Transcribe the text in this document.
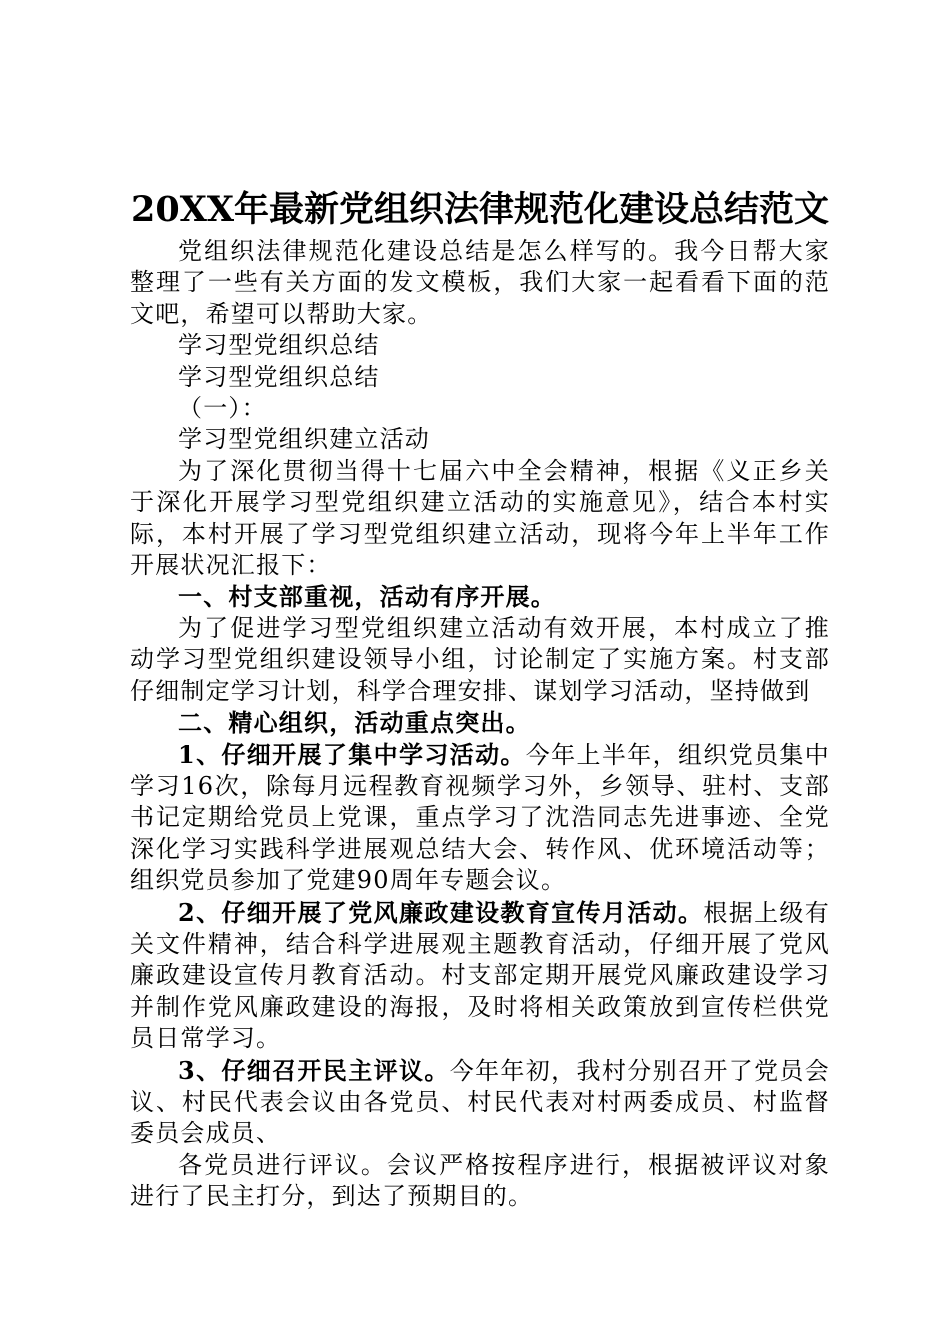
20XX年最新党组织法律规范化建设总结范文

党组织法律规范化建设总结是怎么样写的。我今日帮大家整理了一些有关方面的发文模板，我们大家一起看看下面的范文吧，希望可以帮助大家。

学习型党组织总结

学习型党组织总结

（一）：

学习型党组织建立活动

为了深化贯彻当得十七届六中全会精神，根据《义正乡关于深化开展学习型党组织建立活动的实施意见》，结合本村实际，本村开展了学习型党组织建立活动，现将今年上半年工作开展状况汇报下：

一、村支部重视，活动有序开展。

为了促进学习型党组织建立活动有效开展，本村成立了推动学习型党组织建设领导小组，讨论制定了实施方案。村支部仔细制定学习计划，科学合理安排、谋划学习活动，坚持做到

二、精心组织，活动重点突出。

1、仔细开展了集中学习活动。今年上半年，组织党员集中学习16次，除每月远程教育视频学习外，乡领导、驻村、支部书记定期给党员上党课，重点学习了沈浩同志先进事迹、全党深化学习实践科学进展观总结大会、转作风、优环境活动等；组织党员参加了党建90周年专题会议。

2、仔细开展了党风廉政建设教育宣传月活动。根据上级有关文件精神，结合科学进展观主题教育活动，仔细开展了党风廉政建设宣传月教育活动。村支部定期开展党风廉政建设学习并制作党风廉政建设的海报，及时将相关政策放到宣传栏供党员日常学习。

3、仔细召开民主评议。今年年初，我村分别召开了党员会议、村民代表会议由各党员、村民代表对村两委成员、村监督委员会成员、

各党员进行评议。会议严格按程序进行，根据被评议对象进行了民主打分，到达了预期目的。
